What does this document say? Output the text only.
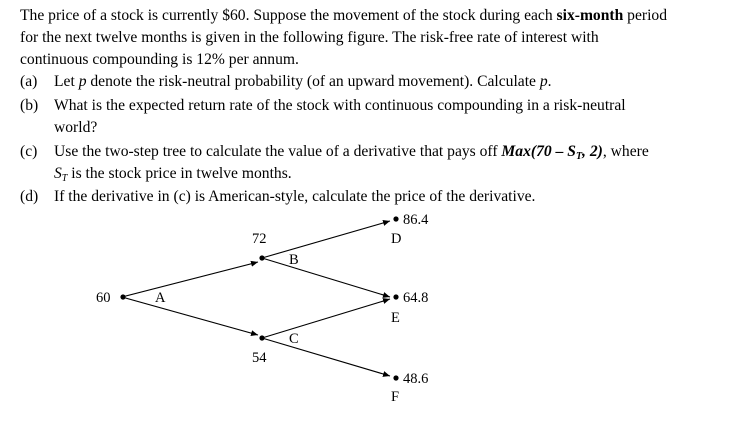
The price of a stock is currently $60. Suppose the movement of the stock during each six-month period
for the next twelve months is given in the following figure. The risk-free rate of interest with
continuous compounding is 12% per annum.
(a) Let p denote the risk-neutral probability (of an upward movement). Calculate p.
(b) What is the expected return rate of the stock with continuous compounding in a risk-neutral
world?
(c) Use the two-step tree to calculate the value of a derivative that pays off $Max(70 - S_T$, 2), where
$S_T$ is the stock price in twelve months.
(d) If the derivative in (c) is American-style, calculate the price of the derivative.
60
72
54
86.4
64.8
48.6
A
B
C
D
E
F
